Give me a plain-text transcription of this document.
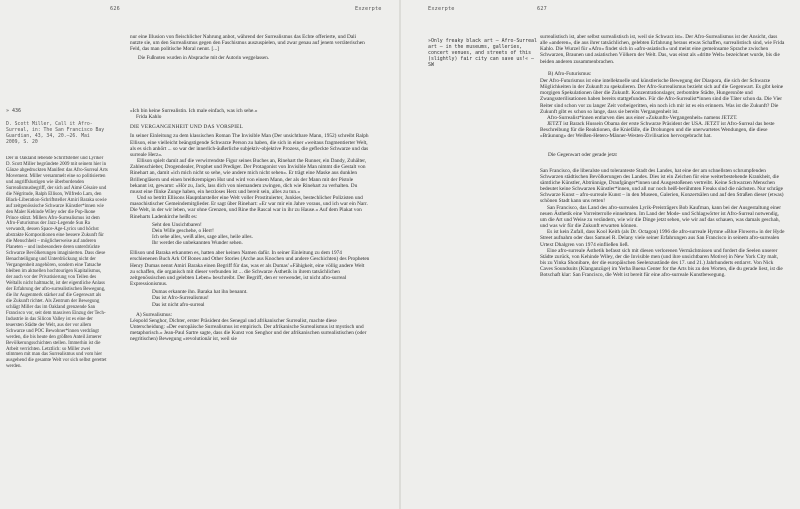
626	Exzerpte

nur eine Illusion von fleischlicher Nahrung anbot, während der Surrealismus das Echte offerierte, und Dali nutzte sie, um den Surrealismus gegen den Faschismus auszuspielen, und zwar genau auf jenem verräterischen Feld, das man politische Moral nennt. [...]

Die Fußnoten wurden in Absprache mit der Autorin weggelassen.

» 436
D. Scott Miller, Call it Afro-Surreal, in: The San Francisco Bay Guardian, 43, 34, 20.–26. Mai 2009, S. 20
Der in Oakland lebende Schriftsteller und Lyriker D. Scott Miller begründete 2009 mit seinem hier in Gänze abgedruckten Manifest das Afro-Surreal Arts Movement. Miller versammelt eine so politisierten und angriffslustigen wie überbordenden Surrealismusbegriff, der sich auf Aimé Césaire und die Négritude, Ralph Ellison, Wilfredo Lam, den Black-Liberation-Schriftsteller Amiri Baraka sowie auf zeitgenössische Schwarze Künstler*innen wie den Maler Kehinde Wiley oder die Pop-Ikone Prince stützt. Millers Afro-Surrealismus ist dem Afro-Futurismus der Jazz-Legende Sun Ra verwandt, dessen Space-Age-Lyrics und höchst abstrakte Kompositionen eine bessere Zukunft für die Menschheit – möglicherweise auf anderen Planeten – und insbesondere deren unterdrückte Schwarze Bevölkerungen imaginierten. Dass diese Benachteiligung und Unterdrückung nicht der Vergangenheit angehören, sondern eine Tatsache bleiben im aktuellen hochtourigen Kapitalismus, der auch vor der Privatisierung von Teilen des Weltalls nicht haltmacht, ist der eigentliche Anlass der Erfahrung der afro-surrealistischen Bewegung, die ihr Augenmerk stärker auf die Gegenwart als die Zukunft richtet. Als Zentrum der Bewegung schlägt Miller das im Oakland grenzende San Francisco vor, seit dem massiven Einzug der Tech-Industrie in das Silicon Valley ist es eine der teuersten Städte der Welt, aus der vor allem Schwarze und POC Bewohner*innen verdrängt werden, die bis heute den größten Anteil ärmerer Bevölkerungsschichten stellen. Immerhin ist die Arbeit verrichten. Letztlich: so Miller zwei stimmen mit man das Surrealismus und vom hier ausgehend die gesamte Welt vor sich selbst gerettet werden.

»Ich bin keine Surrealistin. Ich male einfach, was ich sehe.«

Frida Kahlo

DIE VERGANGENHEIT UND DAS VORSPIEL

In seiner Einleitung zu dem klassischen Roman The Invisible Man (Der unsichtbare Mann, 1952) schreibt Ralph Ellison, eine vielleicht beängstigende Schwarze Person zu haben, die sich in einer »weitaus fragmentierter Welt, als es sich anhört ... so war der innerlich-äußerliche subjektiv-objektive Prozess, die gefleckte Schwarze und das surreale Herz«.

Ellison spielt damit auf die verwirrendste Figur seines Buches an, Rinehart the Runner, ein Dandy, Zuhälter, Zahlenschieber, Drogendealer, Prophet und Prediger. Der Protagonist von Invisible Man nimmt die Gestalt von Rinehart an, damit »ich mich nicht so sehe, wie andere mich nicht sehen«. Er trägt eine Maske aus dunklen Brillengläsern und einen breitkrempigen Hut und wird von einem Mann, der als der Mann mit der Pistole bekannt ist, gewarnt: »Hör zu, Jack, lass dich von niemandem zwingen, dich wie Rinehart zu verhalten. Du musst eine flinke Zunge haben, ein herzloses Herz und bereit sein, alles zu tun.«

Und so betritt Ellisons Hauptdarsteller eine Welt voller Prostituierter, Junkies, bestechlicher Polizisten und masochistischer Gemeindemitglieder. Er sagt über Rinehart: »Er war mir ein Jahre voraus, und ich war ein Narr. Die Welt, in der wir leben, war ohne Grenzen, und Rine the Rascal war in ihr zu Hause.« Auf dem Plakat von Rineharts Ladenkirche heißt es:

Seht den Unsichtbaren!
Dein Wille geschehe, o Herr!
Ich sehe alles, weiß alles, sage alles, heile alles.
Ihr werdet die unbekannten Wunder sehen.

Ellison und Baraka erkannten es, hatten aber keinen Namen dafür. In seiner Einleitung zu dem 1974 erschienenen Buch Ark Of Bones and Other Stories (Arche aus Knochen und andere Geschichten) des Propheten Henry Dumas nennt Amiri Baraka einen Begriff für das, was er als Dumas' »Fähigkeit, eine völlig andere Welt zu schaffen, die organisch mit dieser verbunden ist ... die Schwarze Ästhetik in ihrem tatsächlichen zeitgenössischen und gelebten Leben« beschreibt. Der Begriff, den er verwendet, ist nicht afro-surreal Expressionismus.

Dumas erkannte ihn. Baraka hat ihn benannt.
Das ist Afro-Surrealismus!
Das ist nicht afro-surreal

A) Surrealismus:

Léopold Senghor, Dichter, erster Präsident des Senegal und afrikanischer Surrealist, machte diese Unterscheidung: »Der europäische Surrealismus ist empirisch. Der afrikanische Surrealismus ist mystisch und metaphorisch.« Jean-Paul Sartre sagte, dass die Kunst von Senghor und der afrikanischen surrealistischen (oder negritischen) Bewegung »revolutionär ist, weil sie

Exzerpte	627
»Only freaky black art – Afro-Surreal art – in the museums, galleries, concert venues, and streets of this (slightly) fair city can save us!« – SW

surrealistisch ist, aber selbst surrealistisch ist, weil sie Schwarz ist«. Der Afro-Surrealismus ist der Ansicht, dass alle »anderen«, die aus ihrer tatsächlichen, gelebten Erfahrung heraus etwas Schaffen, surrealistisch sind, wie Frida Kahlo. Die Wurzel für »Afro« findet sich in »afro-asiatisch« und meint eine gemeinsame Sprache zwischen Schwarzen, Braunen und asiatischen Völkern der Welt. Das, was einst als »dritte Welt« bezeichnet wurde, bis die beiden anderen zusammenbrachen.

B) Afro-Futurismus:

Der Afro-Futurismus ist eine intellektuelle und künstlerische Bewegung der Diaspora, die sich der Schwarze Möglichkeiten in der Zukunft zu spekulieren. Der Afro-Surrealismus bezieht sich auf die Gegenwart. Es gibt keine morgigen Spekulationen über die Zukunft. Konzentrationslager, zerbombte Städte, Hungersnöte und Zwangssterilisationen haben bereits stattgefunden. Für die Afro-Surrealist*innen sind die Täter schon da. Die Vier Reiter sind schon vor zu langer Zeit vorbeigeritten, ein noch ich mir ist es ein erinnern. Was ist die Zukunft? Die Zukunft gibt es schon so lange, dass sie bereits Vergangenheit ist.

Afro-Surrealist*innen entlarven dies aus einer »Zukunfts-Vergangenheit« namens JETZT.

JETZT ist Barack Hussein Obama der erste Schwarze Präsident der USA. JETZT ist Afro-Surreal das beste Beschreibung für die Reaktionen, die Kniefälle, die Drohungen und die unerwartetes Wendungen, die diese »Bräunung« der Weißen-Hetero-Männer-Westen-Zivilisation hervorgebracht hat.

Die Gegenwart oder gerade jetzt

San Francisco, die liberalste und toleranteste Stadt des Landes, hat eine der am schnellsten schrumpfenden Schwarzen städtischen Bevölkerungen des Landes. Dies ist ein Zeichen für eine weiterbestehende Krankheit, die sämtliche Künstler, Abtrünnige, Draufgänger*innen und Ausgestoßenen vertreibt. Keine Schwarzen Menschen bedeutet keine Schwarzen Künstler*innen, und all nur noch heiß-berühmten Freaks sind die nächsten. Nur schräge Schwarze Kunst – afro-surreale Kunst – in den Museen, Galerien, Konzertsälen und auf den Straßen dieser (etwas) schönen Stadt kann uns retten!

San Francisco, das Land des afro-surrealen Lyrik-Preisträgers Bob Kaufman, kann bei der Ausgestaltung einer neuen Ästhetik eine Vorreiterrolle einnehmen. Im Land der Mode- und Schlagwörter ist Afro-Surreal notwendig, um die Art und Weise zu verändern, wie wir die Dinge jetzt sehen, wie wir auf das schauen, was damals geschah, und was wir für die Zukunft erwarten können.

Es ist kein Zufall, dass Kool Keith (als Dr. Octagon) 1996 die afro-surreale Hymne »Blue Flowers« in der Hyde Street aufnahm oder dass Samuel R. Delany viele seiner Erfahrungen aus San Francisco in seinem afro-surrealen Urtext Dhalgren von 1974 einfließen ließ.

Eine afro-surreale Ästhetik befasst sich mit diesen verlorenen Vermächtnissen und fordert die Seelen unserer Städte zurück, von Kehinde Wiley, der die Invisible men (und ihre unsichtbaren Motive) in New York City malt, bis zu Yinka Shonibare, der die europäischen Seelenzustände des 17. und 21.) Jahrhunderts entlarvt. Von Nick Caves Soundsuits (Klanganzüge) im Yerba Buena Center for the Arts bis zu den Worten, die du gerade liest, ist die Botschaft klar: San Francisco, die Welt ist bereit für eine afro-surreale Kunstbewegung.
